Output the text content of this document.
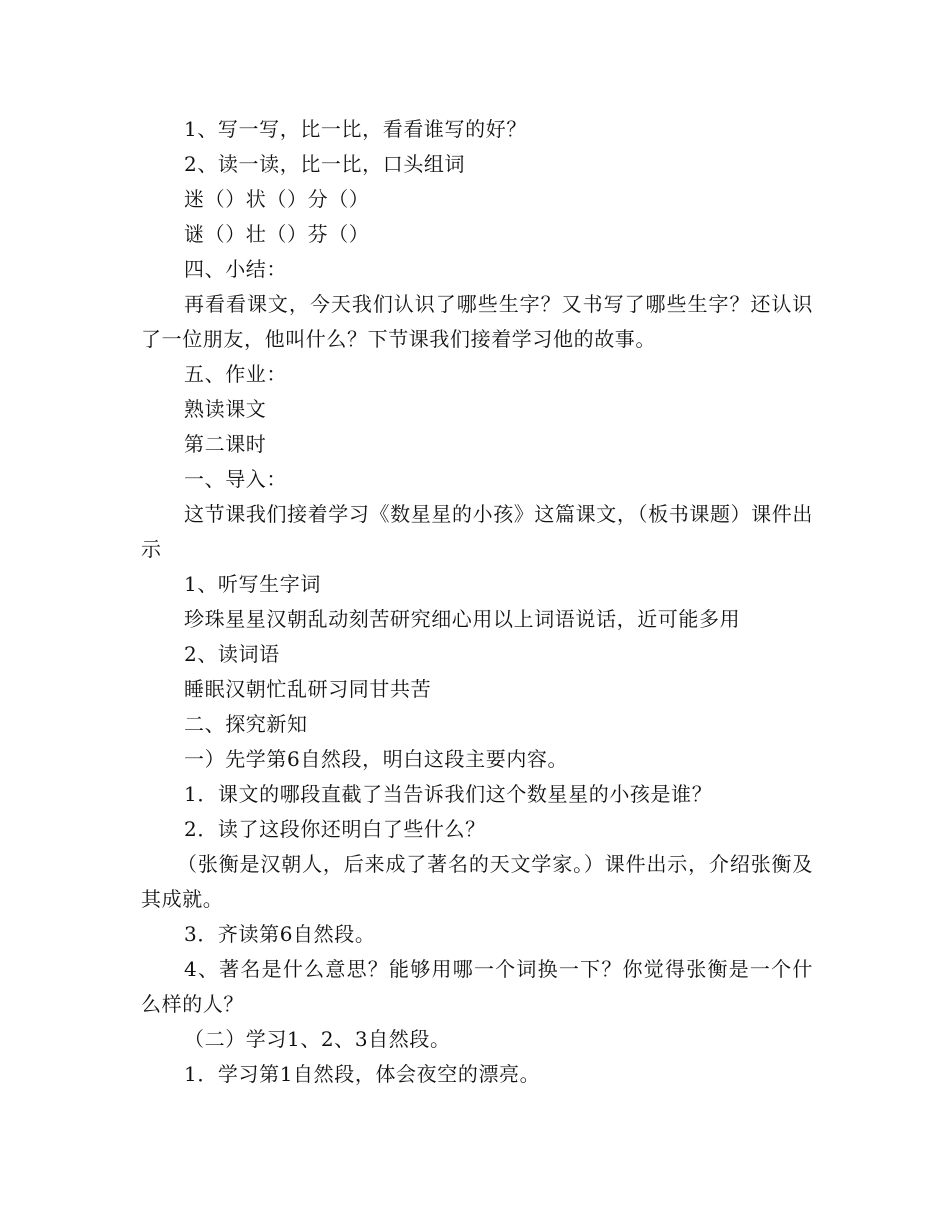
1、写一写，比一比，看看谁写的好？
2、读一读，比一比，口头组词
迷（）状（）分（）
谜（）壮（）芬（）
四、小结：
再看看课文，今天我们认识了哪些生字？又书写了哪些生字？还认识了一位朋友，他叫什么？下节课我们接着学习他的故事。
五、作业：
熟读课文
第二课时
一、导入：
这节课我们接着学习《数星星的小孩》这篇课文，（板书课题）课件出示
1、听写生字词
珍珠星星汉朝乱动刻苦研究细心用以上词语说话，近可能多用
2、读词语
睡眠汉朝忙乱研习同甘共苦
二、探究新知
一）先学第6自然段，明白这段主要内容。
1．课文的哪段直截了当告诉我们这个数星星的小孩是谁？
2．读了这段你还明白了些什么？
（张衡是汉朝人，后来成了著名的天文学家。）课件出示，介绍张衡及其成就。
3．齐读第6自然段。
4、著名是什么意思？能够用哪一个词换一下？你觉得张衡是一个什么样的人？
（二）学习1、2、3自然段。
1．学习第1自然段，体会夜空的漂亮。
